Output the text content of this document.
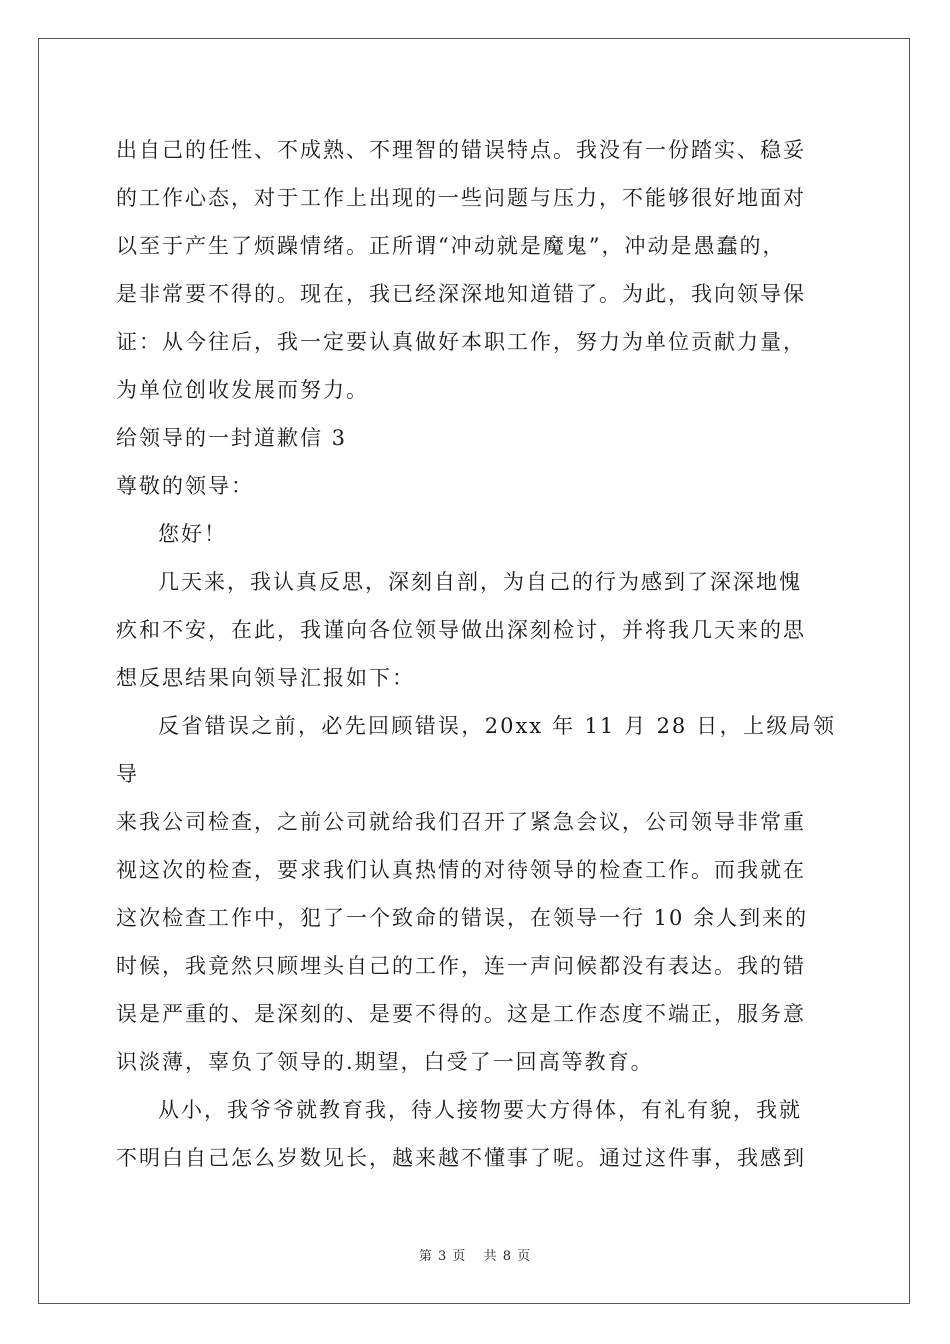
出自己的任性、不成熟、不理智的错误特点。我没有一份踏实、稳妥

的工作心态，对于工作上出现的一些问题与压力，不能够很好地面对

以至于产生了烦躁情绪。正所谓“冲动就是魔鬼”，冲动是愚蠢的，

是非常要不得的。现在，我已经深深地知道错了。为此，我向领导保

证：从今往后，我一定要认真做好本职工作，努力为单位贡献力量，

为单位创收发展而努力。

给领导的一封道歉信 3

尊敬的领导：

您好！

几天来，我认真反思，深刻自剖，为自己的行为感到了深深地愧

疚和不安，在此，我谨向各位领导做出深刻检讨，并将我几天来的思

想反思结果向领导汇报如下：

反省错误之前，必先回顾错误，20xx 年 11 月 28 日，上级局领导

来我公司检查，之前公司就给我们召开了紧急会议，公司领导非常重

视这次的检查，要求我们认真热情的对待领导的检查工作。而我就在

这次检查工作中，犯了一个致命的错误，在领导一行 10 余人到来的

时候，我竟然只顾埋头自己的工作，连一声问候都没有表达。我的错

误是严重的、是深刻的、是要不得的。这是工作态度不端正，服务意

识淡薄，辜负了领导的.期望，白受了一回高等教育。

从小，我爷爷就教育我，待人接物要大方得体，有礼有貌，我就

不明白自己怎么岁数见长，越来越不懂事了呢。通过这件事，我感到

第 3 页 共 8 页
